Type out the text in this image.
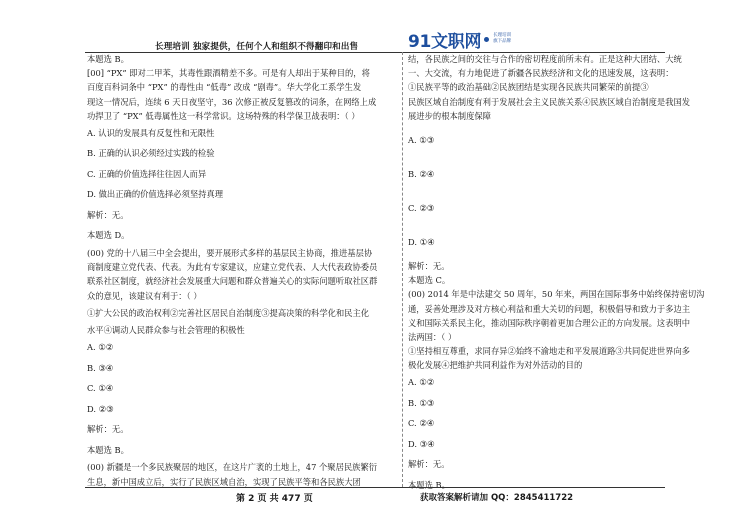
长理培训 独家提供，任何个人和组织不得翻印和出售	91文职网	长理培训
旗下品牌
本题选 B。
[00] “PX” 即对二甲苯，其毒性跟酒精差不多。可是有人却出于某种目的，将
百度百科词条中 “PX” 的毒性由 “低毒” 改成 “剧毒”。华大学化工系学生发
现这一情况后，连续 6 天日夜坚守，36 次修正被反复篡改的词条，在网络上成
功捍卫了 “PX” 低毒属性这一科学常识。这场特殊的科学保卫战表明：（ ）
A. 认识的发展具有反复性和无限性
B. 正确的认识必须经过实践的检验
C. 正确的价值选择往往因人而异
D. 做出正确的价值选择必须坚持真理
解析：无。
本题选 D。
(00) 党的十八届三中全会提出，要开展形式多样的基层民主协商，推进基层协
商制度建立党代表、代表。为此有专家建议，应建立党代表、人大代表政协委员
联系社区制度，就经济社会发展重大问题和群众普遍关心的实际问题听取社区群
众的意见，该建议有利于：（ ）
①扩大公民的政治权利②完善社区居民自治制度③提高决策的科学化和民主化
水平④调动人民群众参与社会管理的积极性
A. ①②
B. ③④
C. ①④
D. ②③
解析：无。
本题选 B。
(00) 新疆是一个多民族聚居的地区，在这片广袤的土地上，47 个聚居民族繁衍
生息，新中国成立后，实行了民族区域自治，实现了民族平等和各民族大团
结，各民族之间的交往与合作的密切程度前所未有。正是这种大团结、大统
一、大交流，有力地促进了新疆各民族经济和文化的迅速发展，这表明：
①民族平等的政治基础②民族团结是实现各民族共同繁荣的前提③
民族区域自治制度有利于发展社会主义民族关系④民族区域自治制度是我国发
展进步的根本制度保障
A. ①③
B. ②④
C. ②③
D. ①④
解析：无。
本题选 C。
(00) 2014 年是中法建交 50 周年，50 年来，两国在国际事务中始终保持密切沟
通，妥善处理涉及对方核心利益和重大关切的问题，积极倡导和致力于多边主
义和国际关系民主化，推动国际秩序朝着更加合理公正的方向发展。这表明中
法两国：（ ）
①坚持相互尊重，求同存异②始终不渝地走和平发展道路③共同促进世界向多
极化发展④把维护共同利益作为对外活动的目的
A. ①②
B. ①③
C. ②④
D. ③④
解析：无。
本题选 B。
第 2 页 共 477 页	获取答案解析请加 QQ：2845411722
